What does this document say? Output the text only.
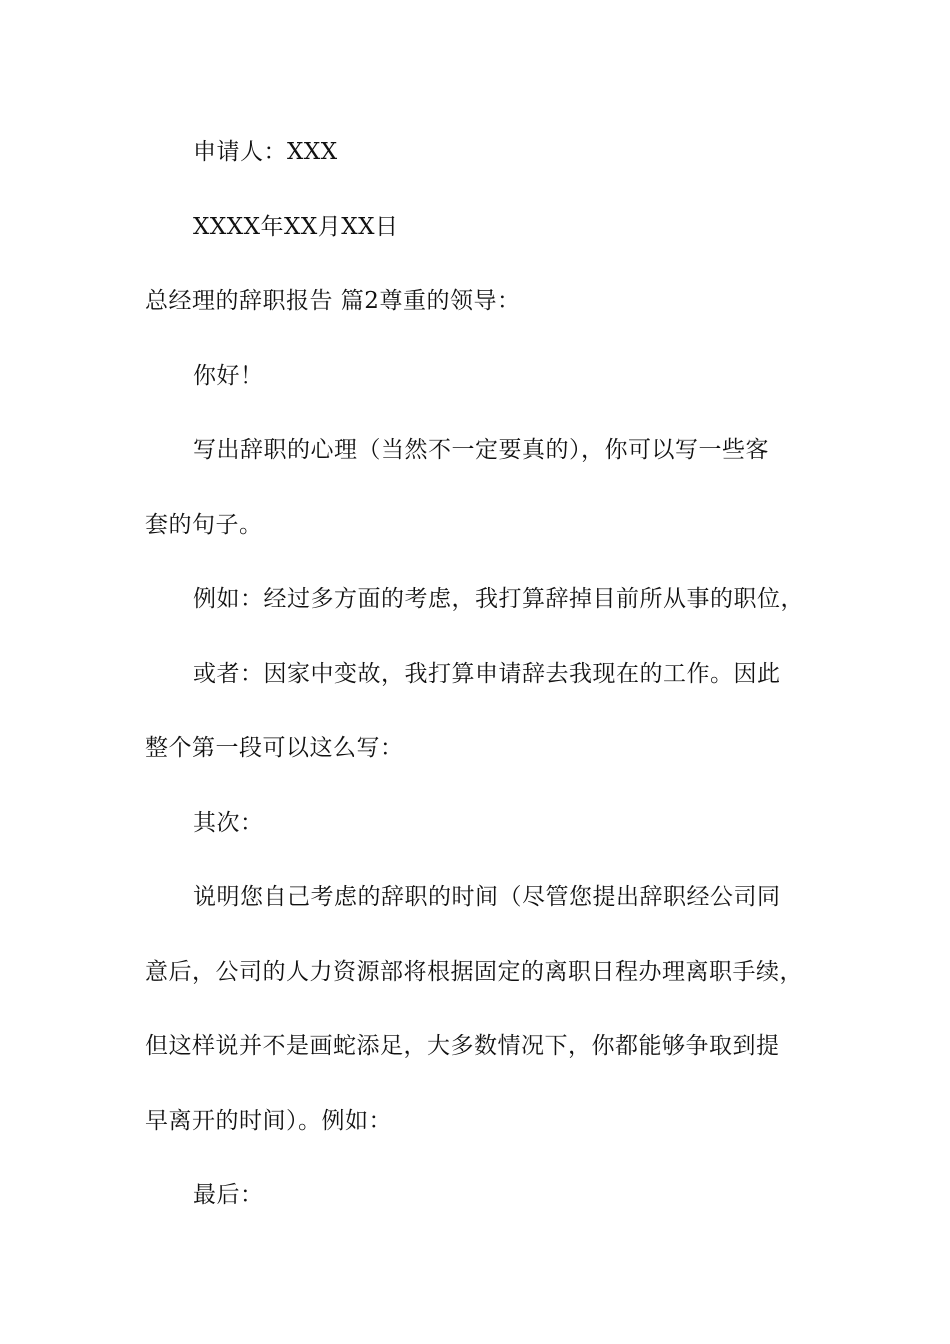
申请人：XXX
XXXX年XX月XX日
总经理的辞职报告 篇2尊重的领导：
你好！
写出辞职的心理（当然不一定要真的），你可以写一些客
套的句子。
例如：经过多方面的考虑，我打算辞掉目前所从事的职位，
或者：因家中变故，我打算申请辞去我现在的工作。因此
整个第一段可以这么写：
其次：
说明您自己考虑的辞职的时间（尽管您提出辞职经公司同
意后，公司的人力资源部将根据固定的离职日程办理离职手续，
但这样说并不是画蛇添足，大多数情况下，你都能够争取到提
早离开的时间）。例如：
最后：
